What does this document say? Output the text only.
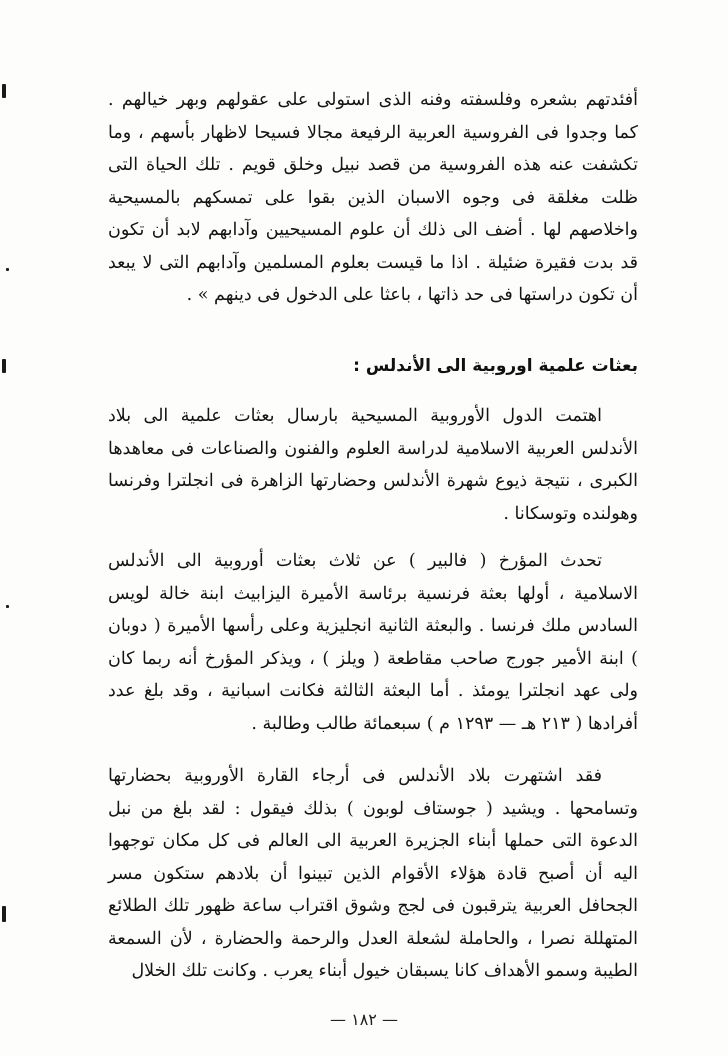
أفئدتهم بشعره وفلسفته وفنه الذى استولى على عقولهم وبهر خيالهم . كما وجدوا فى الفروسية العربية الرفيعة مجالا فسيحا لاظهار بأسهم ، وما تكشفت عنه هذه الفروسية من قصد نبيل وخلق قويم . تلك الحياة التى ظلت مغلقة فى وجوه الاسبان الذين بقوا على تمسكهم بالمسيحية واخلاصهم لها . أضف الى ذلك أن علوم المسيحيين وآدابهم لابد أن تكون قد بدت فقيرة ضئيلة . اذا ما قيست بعلوم المسلمين وآدابهم التى لا يبعد أن تكون دراستها فى حد ذاتها ، باعثا على الدخول فى دينهم » .

بعثات علمية اوروبية الى الأندلس :

اهتمت الدول الأوروبية المسيحية بارسال بعثات علمية الى بلاد الأندلس العربية الاسلامية لدراسة العلوم والفنون والصناعات فى معاهدها الكبرى ، نتيجة ذيوع شهرة الأندلس وحضارتها الزاهرة فى انجلترا وفرنسا وهولنده وتوسكانا .

تحدث المؤرخ ( فالبير ) عن ثلاث بعثات أوروبية الى الأندلس الاسلامية ، أولها بعثة فرنسية برئاسة الأميرة اليزابيث ابنة خالة لويس السادس ملك فرنسا . والبعثة الثانية انجليزية وعلى رأسها الأميرة ( دوبان ) ابنة الأمير جورج صاحب مقاطعة ( ويلز ) ، ويذكر المؤرخ أنه ربما كان ولى عهد انجلترا يومئذ . أما البعثة الثالثة فكانت اسبانية ، وقد بلغ عدد أفرادها ( ٢١٣ هـ — ١٢٩٣ م ) سبعمائة طالب وطالبة .

فقد اشتهرت بلاد الأندلس فى أرجاء القارة الأوروبية بحضارتها وتسامحها . ويشيد ( جوستاف لوبون ) بذلك فيقول : لقد بلغ من نبل الدعوة التى حملها أبناء الجزيرة العربية الى العالم فى كل مكان توجهوا اليه أن أصبح قادة هؤلاء الأقوام الذين تبينوا أن بلادهم ستكون مسر الجحافل العربية يترقبون فى لجج وشوق اقتراب ساعة ظهور تلك الطلائع المتهللة نصرا ، والحاملة لشعلة العدل والرحمة والحضارة ، لأن السمعة الطيبة وسمو الأهداف كانا يسبقان خيول أبناء يعرب . وكانت تلك الخلال

— ١٨٢ —
